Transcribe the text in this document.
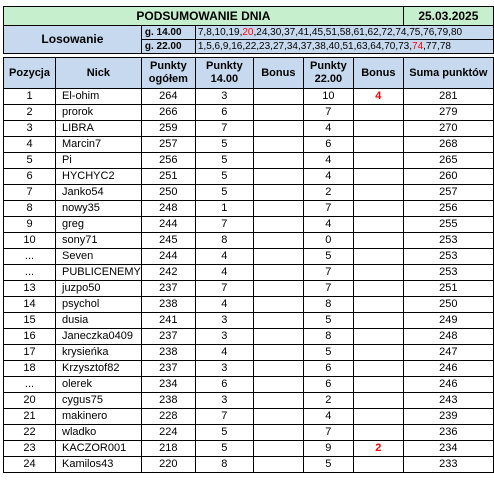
PODSUMOWANIE DNIA							25.03.2025
Losowanie		g. 14.00	7,8,10,19,20,24,30,37,41,45,51,58,61,62,72,74,75,76,79,80				
		g. 22.00	1,5,6,9,16,22,23,27,34,37,38,40,51,63,64,70,73,74,77,78				

Pozycja	Nick	Punkty ogółem	Punkty 14.00	Bonus	Punkty 22.00	Bonus	Suma punktów
1	El-ohim	264	3		10	4	281
2	prorok	266	6		7		279
3	LIBRA	259	7		4		270
4	Marcin7	257	5		6		268
5	Pi	256	5		4		265
6	HYCHYC2	251	5		4		260
7	Janko54	250	5		2		257
8	nowy35	248	1		7		256
9	greg	244	7		4		255
10	sony71	245	8		0		253
...	Seven	244	4		5		253
...	PUBLICENEMY	242	4		7		253
13	juzpo50	237	7		7		251
14	psychol	238	4		8		250
15	dusia	241	3		5		249
16	Janeczka0409	237	3		8		248
17	krysieńka	238	4		5		247
18	Krzysztof82	237	3		6		246
...	olerek	234	6		6		246
20	cygus75	238	3		2		243
21	makinero	228	7		4		239
22	wladko	224	5		7		236
23	KACZOR001	218	5		9	2	234
24	Kamilos43	220	8		5		233
